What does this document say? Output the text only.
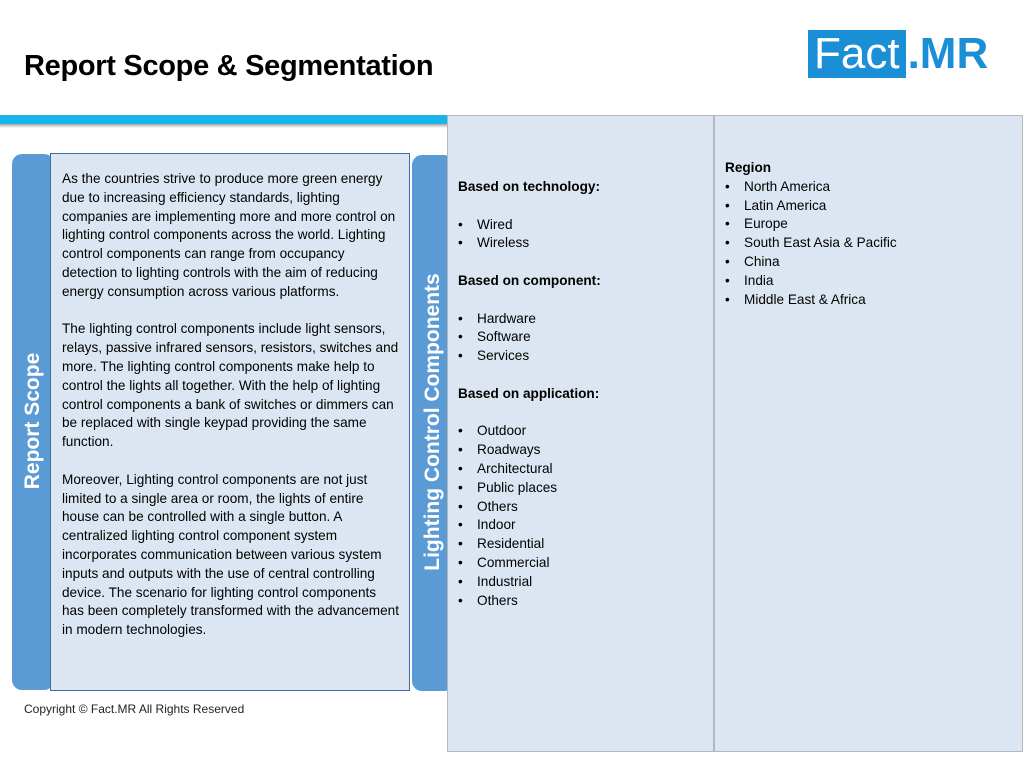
Report Scope & Segmentation	Fact .MR
Report Scope

As the countries strive to produce more green energy due to increasing efficiency standards, lighting companies are implementing more and more control on lighting control components across the world. Lighting control components can range from occupancy detection to lighting controls with the aim of reducing energy consumption across various platforms.

The lighting control components include light sensors, relays, passive infrared sensors, resistors, switches and more. The lighting control components make help to control the lights all together. With the help of lighting control components a bank of switches or dimmers can be replaced with single keypad providing the same function.

Moreover, Lighting control components are not just limited to a single area or room, the lights of entire house can be controlled with a single button. A centralized lighting control component system incorporates communication between various system inputs and outputs with the use of central controlling device. The scenario for lighting control components has been completely transformed with the advancement in modern technologies.

Lighting Control Components
Based on technology:
• Wired
• Wireless
Based on component:
• Hardware
• Software
• Services
Based on application:
• Outdoor
• Roadways
• Architectural
• Public places
• Others
• Indoor
• Residential
• Commercial
• Industrial
• Others
Region
• North America
• Latin America
• Europe
• South East Asia & Pacific
• China
• India
• Middle East & Africa
Copyright © Fact.MR All Rights Reserved
